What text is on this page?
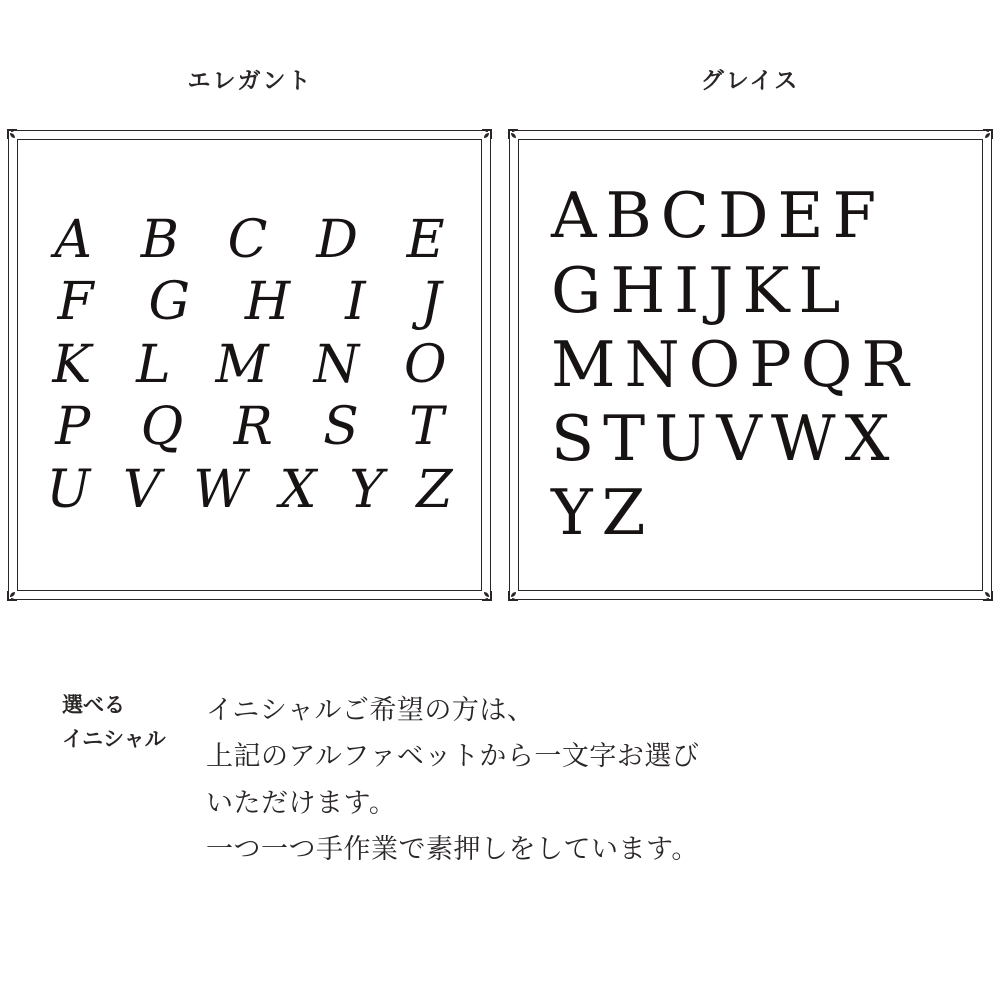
エレガント	グレイス
A B C D E
F G H I J
K L M N O
P Q R S T
U V W X Y Z
A B C D E F
G H I J K L
M N O P Q R
S T U V W X
Y Z
選べる
イニシャル

イニシャルご希望の方は、

上記のアルファベットから一文字お選び

いただけます。

一つ一つ手作業で素押しをしています。
